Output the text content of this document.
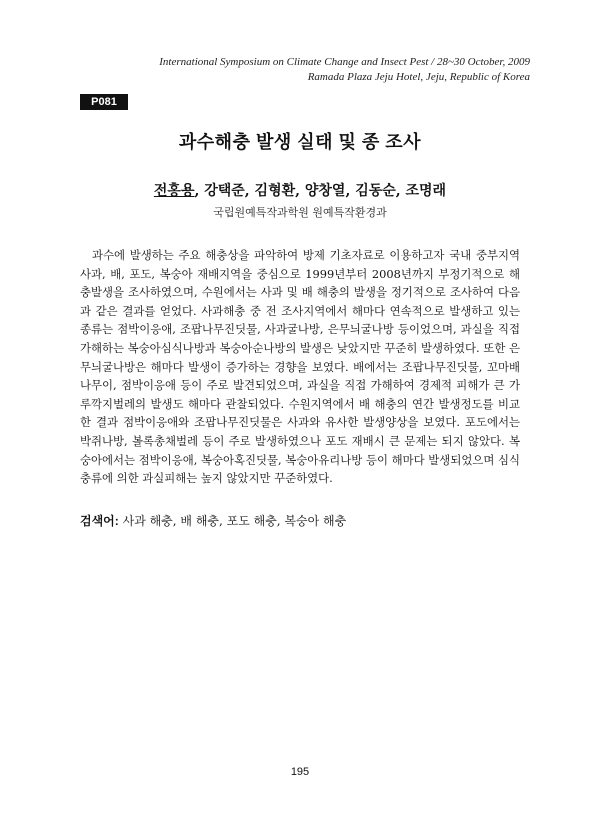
International Symposium on Climate Change and Insect Pest / 28~30 October, 2009
Ramada Plaza Jeju Hotel, Jeju, Republic of Korea
P081
과수해충 발생 실태 및 종 조사
전홍용, 강택준, 김형환, 양창열, 김동순, 조명래
국립원예특작과학원 원예특작환경과

과수에 발생하는 주요 해충상을 파악하여 방제 기초자료로 이용하고자 국내 중부지역 사과, 배, 포도, 복숭아 재배지역을 중심으로 1999년부터 2008년까지 부정기적으로 해충발생을 조사하였으며, 수원에서는 사과 및 배 해충의 발생을 정기적으로 조사하여 다음과 같은 결과를 얻었다. 사과해충 중 전 조사지역에서 해마다 연속적으로 발생하고 있는 종류는 점박이응애, 조팝나무진딧물, 사과굴나방, 은무늬굴나방 등이었으며, 과실을 직접 가해하는 복숭아심식나방과 복숭아순나방의 발생은 낮았지만 꾸준히 발생하였다. 또한 은무늬굴나방은 해마다 발생이 증가하는 경향을 보였다. 배에서는 조팝나무진딧물, 꼬마배나무이, 점박이응애 등이 주로 발견되었으며, 과실을 직접 가해하여 경제적 피해가 큰 가루깍지벌레의 발생도 해마다 관찰되었다. 수원지역에서 배 해충의 연간 발생정도를 비교한 결과 점박이응애와 조팝나무진딧물은 사과와 유사한 발생양상을 보였다. 포도에서는 박쥐나방, 볼록총채벌레 등이 주로 발생하였으나 포도 재배시 큰 문제는 되지 않았다. 복숭아에서는 점박이응애, 복숭아혹진딧물, 복숭아유리나방 등이 해마다 발생되었으며 심식충류에 의한 과실피해는 높지 않았지만 꾸준하였다.

검색어: 사과 해충, 배 해충, 포도 해충, 복숭아 해충
195
